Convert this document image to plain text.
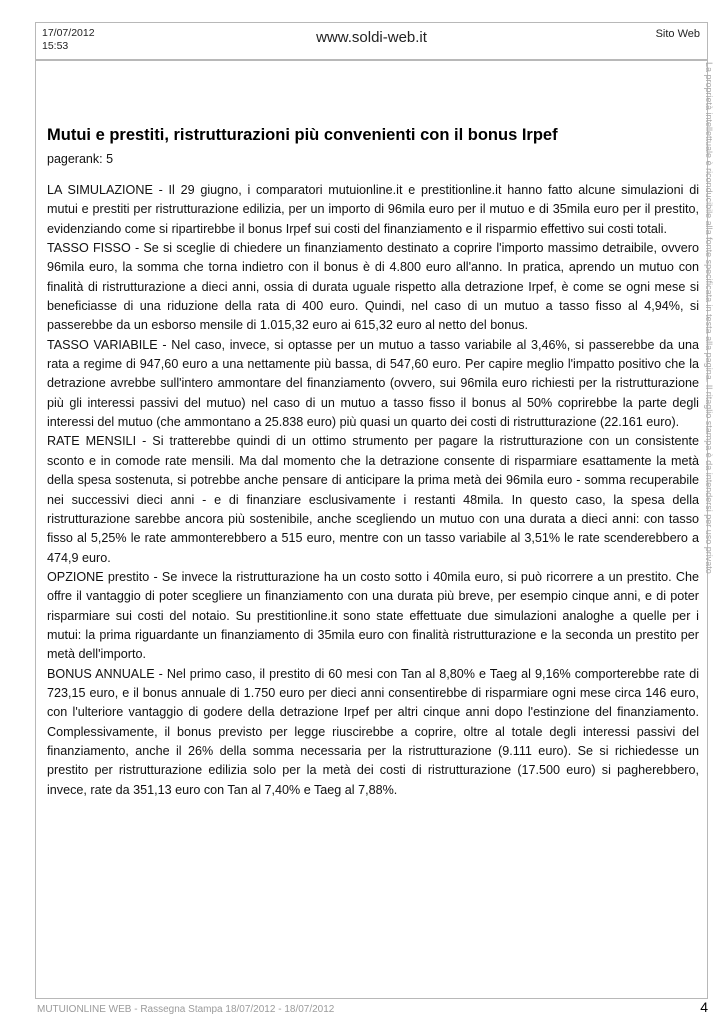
17/07/2012
15:53	www.soldi-web.it	Sito Web
Mutui e prestiti, ristrutturazioni più convenienti con il bonus Irpef
pagerank: 5

LA SIMULAZIONE - Il 29 giugno, i comparatori mutuionline.it e prestitionline.it hanno fatto alcune simulazioni di mutui e prestiti per ristrutturazione edilizia, per un importo di 96mila euro per il mutuo e di 35mila euro per il prestito, evidenziando come si ripartirebbe il bonus Irpef sui costi del finanziamento e il risparmio effettivo sui costi totali.

TASSO FISSO - Se si sceglie di chiedere un finanziamento destinato a coprire l'importo massimo detraibile, ovvero 96mila euro, la somma che torna indietro con il bonus è di 4.800 euro all'anno. In pratica, aprendo un mutuo con finalità di ristrutturazione a dieci anni, ossia di durata uguale rispetto alla detrazione Irpef, è come se ogni mese si beneficiasse di una riduzione della rata di 400 euro. Quindi, nel caso di un mutuo a tasso fisso al 4,94%, si passerebbe da un esborso mensile di 1.015,32 euro ai 615,32 euro al netto del bonus.

TASSO VARIABILE - Nel caso, invece, si optasse per un mutuo a tasso variabile al 3,46%, si passerebbe da una rata a regime di 947,60 euro a una nettamente più bassa, di 547,60 euro. Per capire meglio l'impatto positivo che la detrazione avrebbe sull'intero ammontare del finanziamento (ovvero, sui 96mila euro richiesti per la ristrutturazione più gli interessi passivi del mutuo) nel caso di un mutuo a tasso fisso il bonus al 50% coprirebbe la parte degli interessi del mutuo (che ammontano a 25.838 euro) più quasi un quarto dei costi di ristrutturazione (22.161 euro).

RATE MENSILI - Si tratterebbe quindi di un ottimo strumento per pagare la ristrutturazione con un consistente sconto e in comode rate mensili. Ma dal momento che la detrazione consente di risparmiare esattamente la metà della spesa sostenuta, si potrebbe anche pensare di anticipare la prima metà dei 96mila euro - somma recuperabile nei successivi dieci anni - e di finanziare esclusivamente i restanti 48mila. In questo caso, la spesa della ristrutturazione sarebbe ancora più sostenibile, anche scegliendo un mutuo con una durata a dieci anni: con tasso fisso al 5,25% le rate ammonterebbero a 515 euro, mentre con un tasso variabile al 3,51% le rate scenderebbero a 474,9 euro.

OPZIONE prestito - Se invece la ristrutturazione ha un costo sotto i 40mila euro, si può ricorrere a un prestito. Che offre il vantaggio di poter scegliere un finanziamento con una durata più breve, per esempio cinque anni, e di poter risparmiare sui costi del notaio. Su prestitionline.it sono state effettuate due simulazioni analoghe a quelle per i mutui: la prima riguardante un finanziamento di 35mila euro con finalità ristrutturazione e la seconda un prestito per metà dell'importo.

BONUS ANNUALE - Nel primo caso, il prestito di 60 mesi con Tan al 8,80% e Taeg al 9,16% comporterebbe rate di 723,15 euro, e il bonus annuale di 1.750 euro per dieci anni consentirebbe di risparmiare ogni mese circa 146 euro, con l'ulteriore vantaggio di godere della detrazione Irpef per altri cinque anni dopo l'estinzione del finanziamento. Complessivamente, il bonus previsto per legge riuscirebbe a coprire, oltre al totale degli interessi passivi del finanziamento, anche il 26% della somma necessaria per la ristrutturazione (9.111 euro). Se si richiedesse un prestito per ristrutturazione edilizia solo per la metà dei costi di ristrutturazione (17.500 euro) si pagherebbero, invece, rate da 351,13 euro con Tan al 7,40% e Taeg al 7,88%.

La proprietà intellettuale è riconducibile alla fonte specificata in testa alla pagina. Il ritaglio stampa è da intendersi per uso privato
MUTUIONLINE WEB - Rassegna Stampa 18/07/2012 - 18/07/2012	4
